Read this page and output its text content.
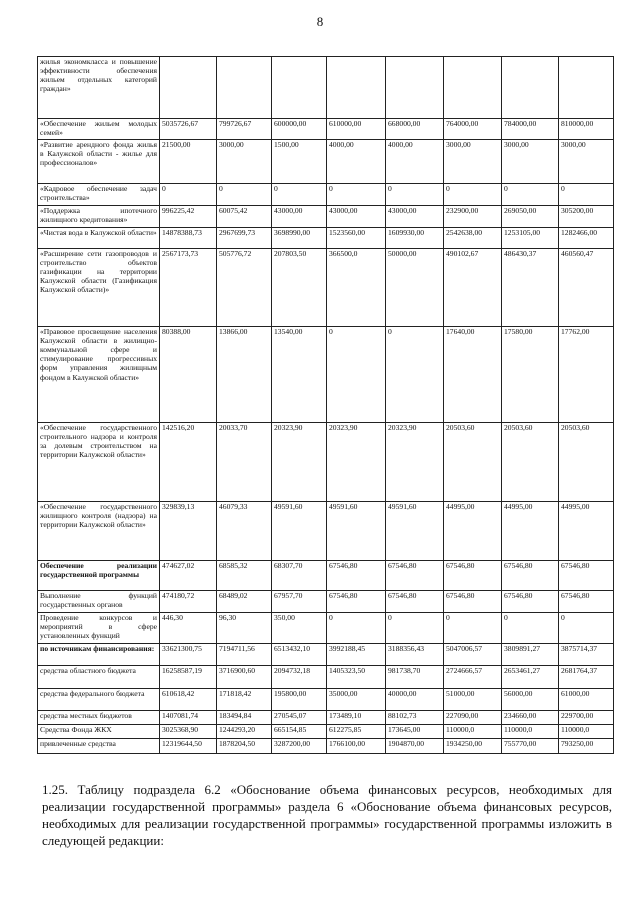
8
жилья экономкласса и повышение эффективности обеспечения жильем отдельных категорий граждан»								
«Обеспечение жильем молодых семей»	5035726,67	799726,67	600000,00	610000,00	668000,00	764000,00	784000,00	810000,00
«Развитие арендного фонда жилья в Калужской области - жилье для профессионалов»	21500,00	3000,00	1500,00	4000,00	4000,00	3000,00	3000,00	3000,00
«Кадровое обеспечение задач строительства»	0	0	0	0	0	0	0	0
«Поддержка ипотечного жилищного кредитования»	996225,42	60075,42	43000,00	43000,00	43000,00	232900,00	269050,00	305200,00
«Чистая вода в Калужской области»	14878388,73	2967699,73	3698990,00	1523560,00	1609930,00	2542638,00	1253105,00	1282466,00
«Расширение сети газопроводов и строительство объектов газификации на территории Калужской области (Газификация Калужской области)»	2567173,73	505776,72	207803,50	366500,0	50000,00	490102,67	486430,37	460560,47
«Правовое просвещение населения Калужской области в жилищно-коммунальной сфере и стимулирование прогрессивных форм управления жилищным фондом в Калужской области»	80388,00	13866,00	13540,00	0	0	17640,00	17580,00	17762,00
«Обеспечение государственного строительного надзора и контроля за долевым строительством на территории Калужской области»	142516,20	20033,70	20323,90	20323,90	20323,90	20503,60	20503,60	20503,60
«Обеспечение государственного жилищного контроля (надзора) на территории Калужской области»	329839,13	46079,33	49591,60	49591,60	49591,60	44995,00	44995,00	44995,00
Обеспечение реализации государственной программы	474627,02	68585,32	68307,70	67546,80	67546,80	67546,80	67546,80	67546,80
Выполнение функций государственных органов	474180,72	68489,02	67957,70	67546,80	67546,80	67546,80	67546,80	67546,80
Проведение конкурсов и мероприятий в сфере установленных функций	446,30	96,30	350,00	0	0	0	0	0
по источникам финансирования:	33621300,75	7194711,56	6513432,10	3992188,45	3188356,43	5047006,57	3809891,27	3875714,37
средства областного бюджета	16258587,19	3716900,60	2094732,18	1405323,50	981738,70	2724666,57	2653461,27	2681764,37
средства федерального бюджета	610618,42	171818,42	195800,00	35000,00	40000,00	51000,00	56000,00	61000,00
средства местных бюджетов	1407081,74	183494,84	270545,07	173489,10	88102,73	227090,00	234660,00	229700,00
Средства Фонда ЖКХ	3025368,90	1244293,20	665154,85	612275,85	173645,00	110000,0	110000,0	110000,0
привлеченные средства	12319644,50	1878204,50	3287200,00	1766100,00	1904870,00	1934250,00	755770,00	793250,00
1.25. Таблицу подраздела 6.2 «Обоснование объема финансовых ресурсов, необходимых для реализации государственной программы» раздела 6 «Обоснование объема финансовых ресурсов, необходимых для реализации государственной программы» государственной программы изложить в следующей редакции:
